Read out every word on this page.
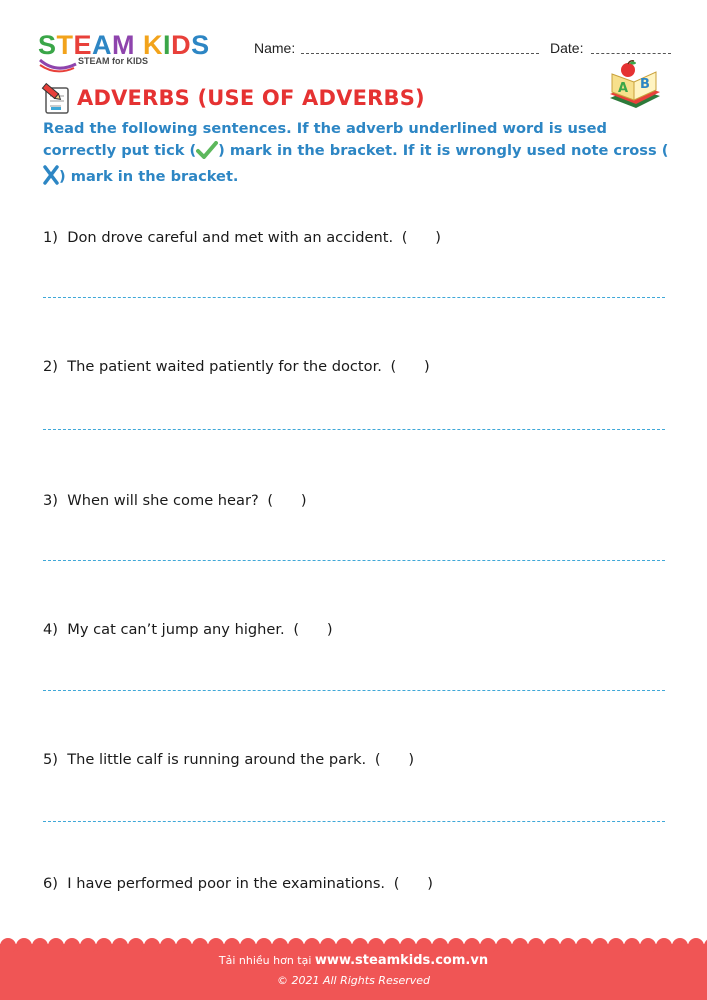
STEAM KIDS
STEAM for KIDS
Name:	Date:
ADVERBS (USE OF ADVERBS)	A B
Read the following sentences. If the adverb underlined word is used correctly put tick ( ) mark in the bracket. If it is wrongly used note cross () mark in the bracket.
1) Don drove careful and met with an accident. (      )
2) The patient waited patiently for the doctor. (      )
3) When will she come hear? (      )
4) My cat can’t jump any higher. (      )
5) The little calf is running around the park. (      )
6) I have performed poor in the examinations. (      )
Tải nhiều hơn tại www.steamkids.com.vn
© 2021 All Rights Reserved
